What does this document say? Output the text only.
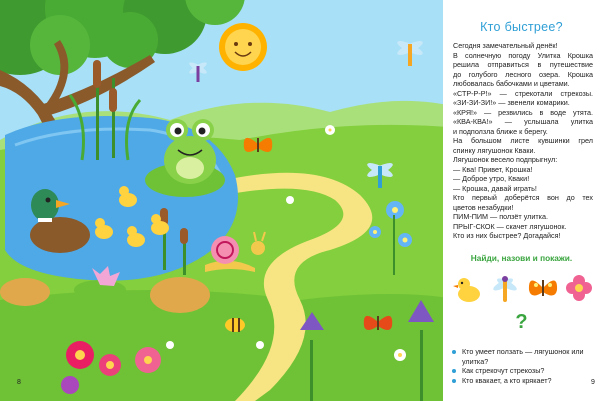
8
Кто быстрее?
Сегодня замечательный денёк!
В солнечную погоду Улитка Крошка
решила отправиться в путешествие
до голубого лесного озера. Крошка
любовалась бабочками и цветами.
«СТР-Р-Р!» — стрекотали стрекозы.
«ЗИ-ЗИ-ЗИ!» — звенели комарики.
«КРЯ!» — резвились в воде утята.
«КВА-КВА!» — услышала улитка
и подползла ближе к берегу.
На большом листе кувшинки грел
спинку лягушонок Кваки.
Лягушонок весело подпрыгнул:
— Ква! Привет, Крошка!
— Доброе утро, Кваки!
— Крошка, давай играть!
Кто первый доберётся вон до тех
цветов незабудки!
ПИМ-ПИМ — ползёт улитка.
ПРЫГ-СКОК — скачет лягушонок.
Кто из них быстрее? Догадайся!
Найди, назови и покажи.
?
Кто умеет ползать — лягушонок или улитка?
Как стрекочут стрекозы?
Кто квакает, а кто крякает?	9
